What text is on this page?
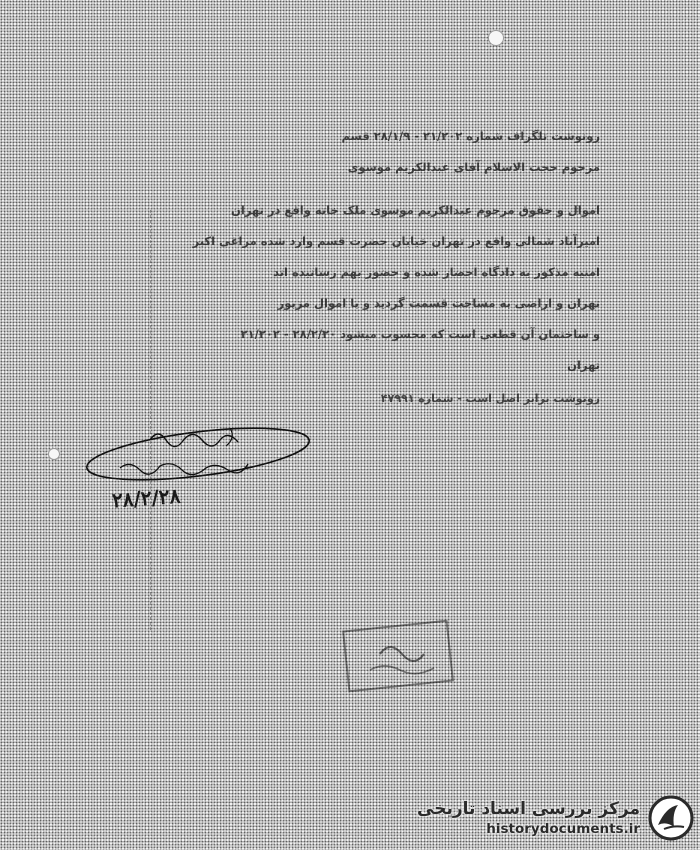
رونوشت تلگراف شماره ۲۱/۲۰۲ - ۲۸/۱/۹ قسم
مرحوم حجت الاسلام آقای عبدالکریم موسوی
اموال و حقوق مرحوم عبدالکریم موسوی ملک خانه واقع در تهران
امیرآباد شمالی واقع در تهران خیابان حضرت قسم وارد شده مراغی اکبر
امنیه مذکور به دادگاه احضار شده و حضور بهم رسانیده اند
تهران و اراضی به مساحت قسمت گردید و با اموال مزبور
و ساختمان آن قطعی است که محسوب میشود ۲۸/۲/۲۰ - ۲۱/۲۰۲
تهران
رونوشت برابر اصل است - شماره ۴۷۹۹۱
۲۸/۲/۲۸
مرکز بررسی اسناد تاریخی
historydocuments.ir
